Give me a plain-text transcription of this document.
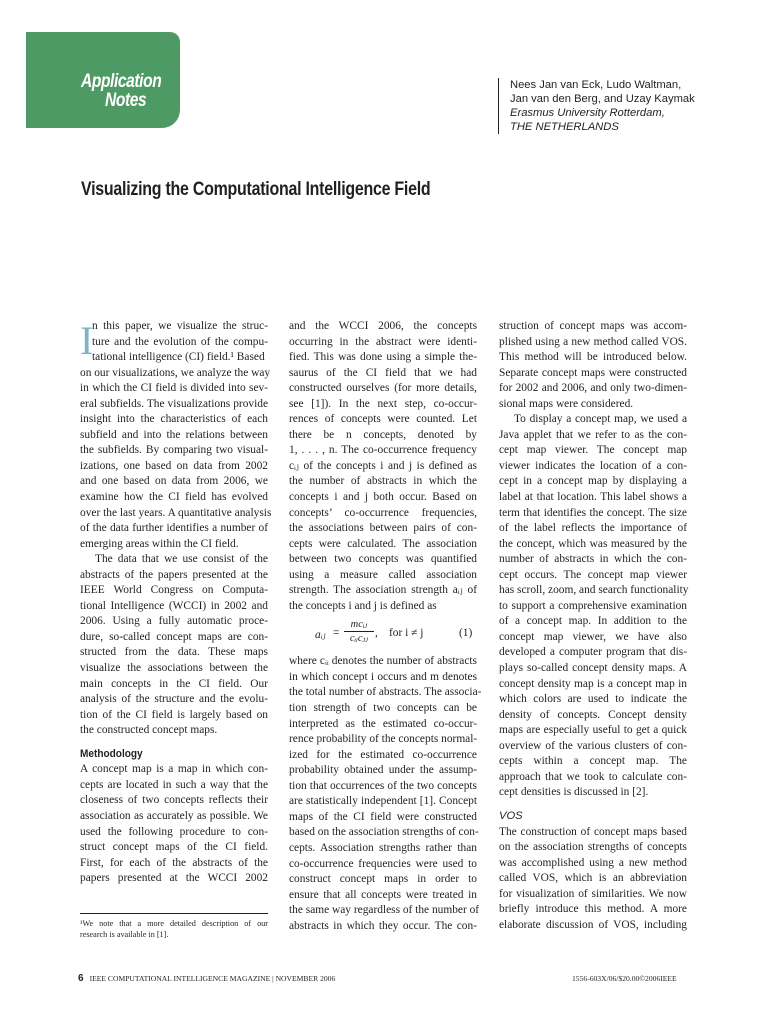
Application
Notes
Nees Jan van Eck, Ludo Waltman,
Jan van den Berg, and Uzay Kaymak
Erasmus University Rotterdam,
THE NETHERLANDS
Visualizing the Computational Intelligence Field
I
n this paper, we visualize the struc-
ture and the evolution of the compu-
tational intelligence (CI) field.¹ Based
on our visualizations, we analyze the way
in which the CI field is divided into sev-
eral subfields. The visualizations provide
insight into the characteristics of each
subfield and into the relations between
the subfields. By comparing two visual-
izations, one based on data from 2002
and one based on data from 2006, we
examine how the CI field has evolved
over the last years. A quantitative analysis
of the data further identifies a number of
emerging areas within the CI field.
The data that we use consist of the
abstracts of the papers presented at the
IEEE World Congress on Computa-
tional Intelligence (WCCI) in 2002 and
2006. Using a fully automatic proce-
dure, so-called concept maps are con-
structed from the data. These maps
visualize the associations between the
main concepts in the CI field. Our
analysis of the structure and the evolu-
tion of the CI field is largely based on
the constructed concept maps.
Methodology
A concept map is a map in which con-
cepts are located in such a way that the
closeness of two concepts reflects their
association as accurately as possible. We
used the following procedure to con-
struct concept maps of the CI field.
First, for each of the abstracts of the
papers presented at the WCCI 2002
¹We note that a more detailed description of our
research is available in [1].
and the WCCI 2006, the concepts
occurring in the abstract were identi-
fied. This was done using a simple the-
saurus of the CI field that we had
constructed ourselves (for more details,
see [1]). In the next step, co-occur-
rences of concepts were counted. Let
there be n concepts, denoted by
1, . . . , n. The co-occurrence frequency
cᵢⱼ of the concepts i and j is defined as
the number of abstracts in which the
concepts i and j both occur. Based on
concepts’ co-occurrence frequencies,
the associations between pairs of con-
cepts were calculated. The association
between two concepts was quantified
using a measure called association
strength. The association strength aᵢⱼ of
the concepts i and j is defined as
aᵢⱼ =
mcᵢⱼ
cᵢᵢcⱼⱼ , for i ≠ j	(1)
where cᵢᵢ denotes the number of abstracts
in which concept i occurs and m denotes
the total number of abstracts. The associa-
tion strength of two concepts can be
interpreted as the estimated co-occur-
rence probability of the concepts normal-
ized for the estimated co-occurrence
probability obtained under the assump-
tion that occurrences of the two concepts
are statistically independent [1]. Concept
maps of the CI field were constructed
based on the association strengths of con-
cepts. Association strengths rather than
co-occurrence frequencies were used to
construct concept maps in order to
ensure that all concepts were treated in
the same way regardless of the number of
abstracts in which they occur. The con-
struction of concept maps was accom-
plished using a new method called VOS.
This method will be introduced below.
Separate concept maps were constructed
for 2002 and 2006, and only two-dimen-
sional maps were considered.
To display a concept map, we used a
Java applet that we refer to as the con-
cept map viewer. The concept map
viewer indicates the location of a con-
cept in a concept map by displaying a
label at that location. This label shows a
term that identifies the concept. The size
of the label reflects the importance of
the concept, which was measured by the
number of abstracts in which the con-
cept occurs. The concept map viewer
has scroll, zoom, and search functionality
to support a comprehensive examination
of a concept map. In addition to the
concept map viewer, we have also
developed a computer program that dis-
plays so-called concept density maps. A
concept density map is a concept map in
which colors are used to indicate the
density of concepts. Concept density
maps are especially useful to get a quick
overview of the various clusters of con-
cepts within a concept map. The
approach that we took to calculate con-
cept densities is discussed in [2].
VOS
The construction of concept maps based
on the association strengths of concepts
was accomplished using a new method
called VOS, which is an abbreviation
for visualization of similarities. We now
briefly introduce this method. A more
elaborate discussion of VOS, including
6 IEEE COMPUTATIONAL INTELLIGENCE MAGAZINE | NOVEMBER 2006	1556-603X/06/$20.00©2006IEEE
